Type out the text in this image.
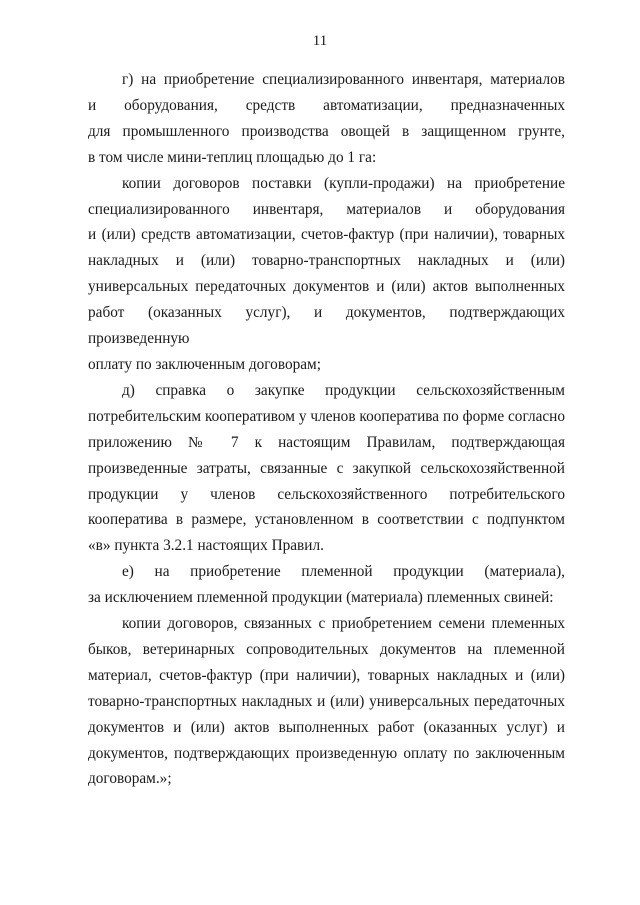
11
г) на приобретение специализированного инвентаря, материалов
и оборудования, средств автоматизации, предназначенных
для промышленного производства овощей в защищенном грунте,
в том числе мини-теплиц площадью до 1 га:
копии договоров поставки (купли-продажи) на приобретение
специализированного инвентаря, материалов и оборудования
и (или) средств автоматизации, счетов-фактур (при наличии), товарных
накладных и (или) товарно-транспортных накладных и (или)
универсальных передаточных документов и (или) актов выполненных
работ (оказанных услуг), и документов, подтверждающих произведенную
оплату по заключенным договорам;
д) справка о закупке продукции сельскохозяйственным
потребительским кооперативом у членов кооператива по форме согласно
приложению № 7 к настоящим Правилам, подтверждающая
произведенные затраты, связанные с закупкой сельскохозяйственной
продукции у членов сельскохозяйственного потребительского
кооператива в размере, установленном в соответствии с подпунктом
«в» пункта 3.2.1 настоящих Правил.
е) на приобретение племенной продукции (материала),
за исключением племенной продукции (материала) племенных свиней:
копии договоров, связанных с приобретением семени племенных
быков, ветеринарных сопроводительных документов на племенной
материал, счетов-фактур (при наличии), товарных накладных и (или)
товарно-транспортных накладных и (или) универсальных передаточных
документов и (или) актов выполненных работ (оказанных услуг) и
документов, подтверждающих произведенную оплату по заключенным
договорам.»;
